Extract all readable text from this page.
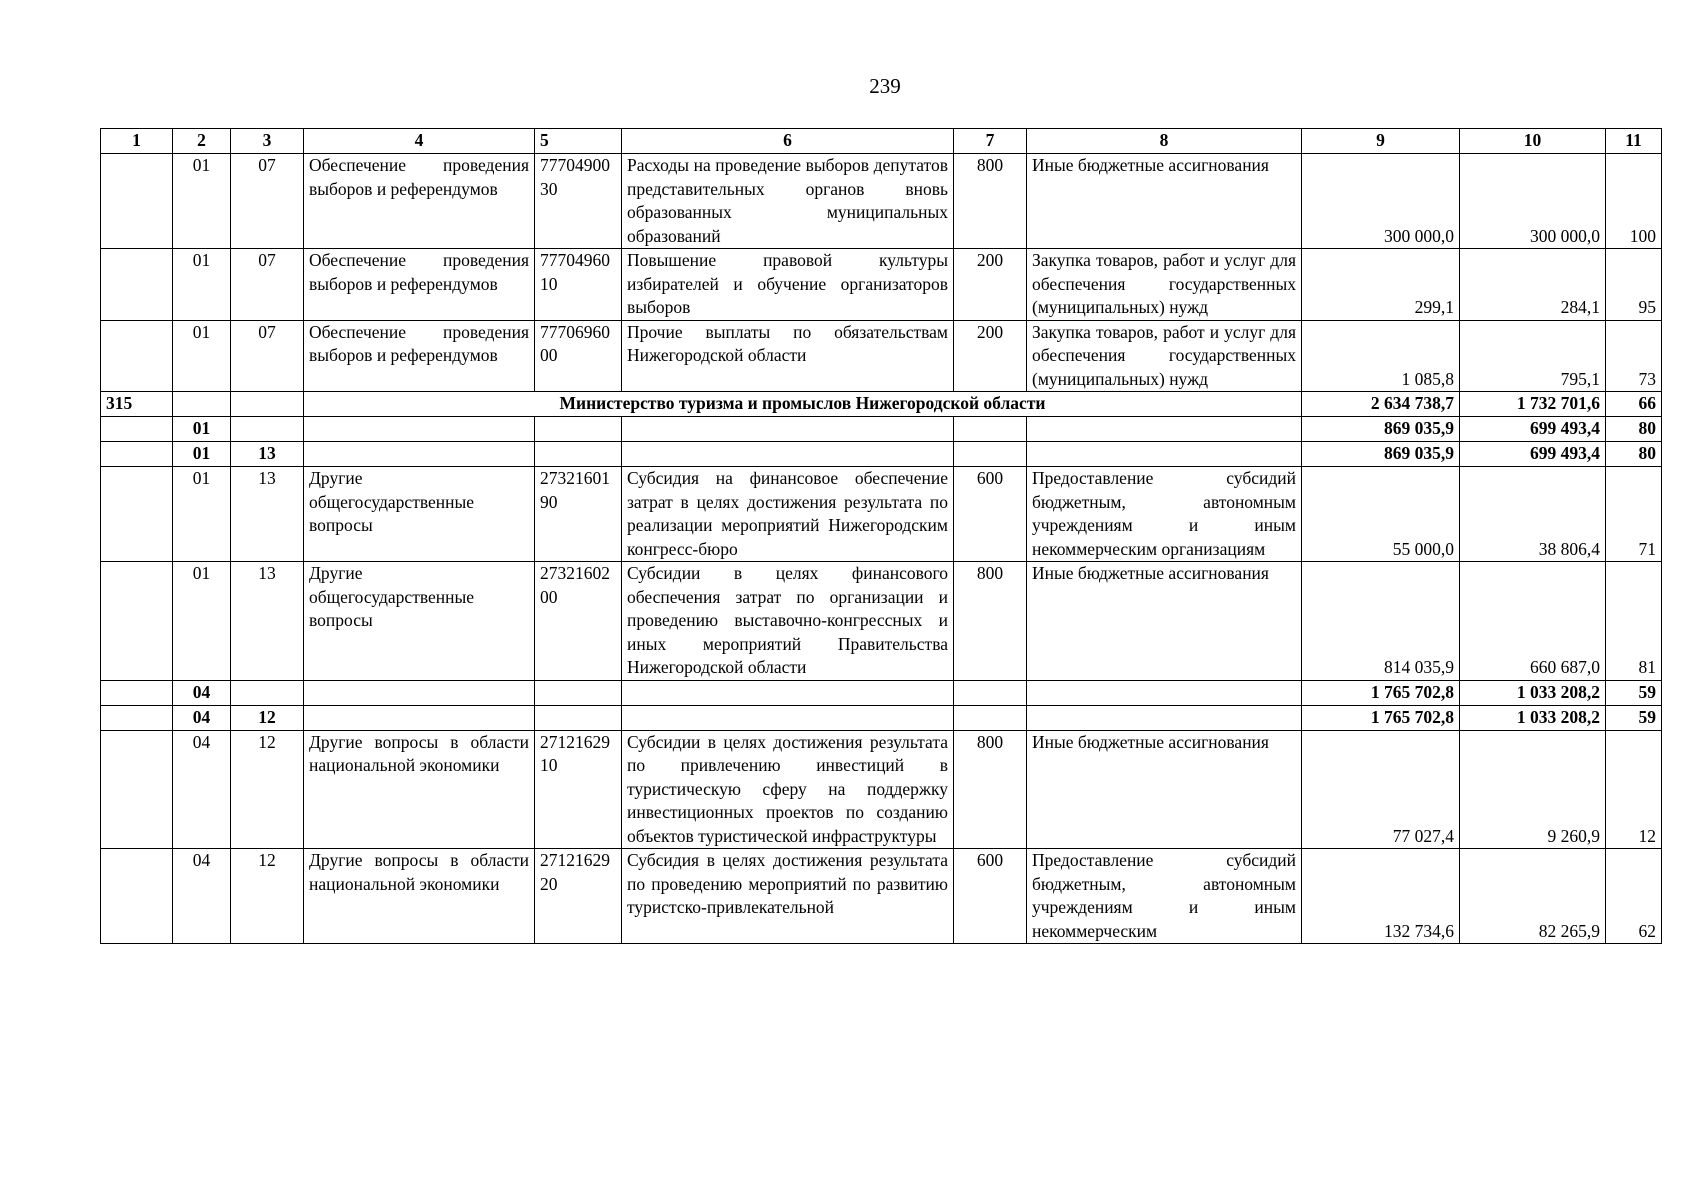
239
1	2	3	4	5	6	7	8	9	10	11
	01	07	Обеспечение проведения выборов и референдумов	7770490030	Расходы на проведение выборов депутатов представительных органов вновь образованных муниципальных образований	800	Иные бюджетные ассигнования	300 000,0	300 000,0	100
	01	07	Обеспечение проведения выборов и референдумов	7770496010	Повышение правовой культуры избирателей и обучение организаторов выборов	200	Закупка товаров, работ и услуг для обеспечения государственных (муниципальных) нужд	299,1	284,1	95
	01	07	Обеспечение проведения выборов и референдумов	7770696000	Прочие выплаты по обязательствам Нижегородской области	200	Закупка товаров, работ и услуг для обеспечения государственных (муниципальных) нужд	1 085,8	795,1	73
315			Министерство туризма и промыслов Нижегородской области					2 634 738,7	1 732 701,6	66
	01							869 035,9	699 493,4	80
	01	13						869 035,9	699 493,4	80
	01	13	Другие общегосударственные вопросы	2732160190	Субсидия на финансовое обеспечение затрат в целях достижения результата по реализации мероприятий Нижегородским конгресс-бюро	600	Предоставление субсидий бюджетным, автономным учреждениям и иным некоммерческим организациям	55 000,0	38 806,4	71
	01	13	Другие общегосударственные вопросы	2732160200	Субсидии в целях финансового обеспечения затрат по организации и проведению выставочно-конгрессных и иных мероприятий Правительства Нижегородской области	800	Иные бюджетные ассигнования	814 035,9	660 687,0	81
	04							1 765 702,8	1 033 208,2	59
	04	12						1 765 702,8	1 033 208,2	59
	04	12	Другие вопросы в области национальной экономики	2712162910	Субсидии в целях достижения результата по привлечению инвестиций в туристическую сферу на поддержку инвестиционных проектов по созданию объектов туристической инфраструктуры	800	Иные бюджетные ассигнования	77 027,4	9 260,9	12
	04	12	Другие вопросы в области национальной экономики	2712162920	Субсидия в целях достижения результата по проведению мероприятий по развитию туристско-привлекательной	600	Предоставление субсидий бюджетным, автономным учреждениям и иным некоммерческим	132 734,6	82 265,9	62
